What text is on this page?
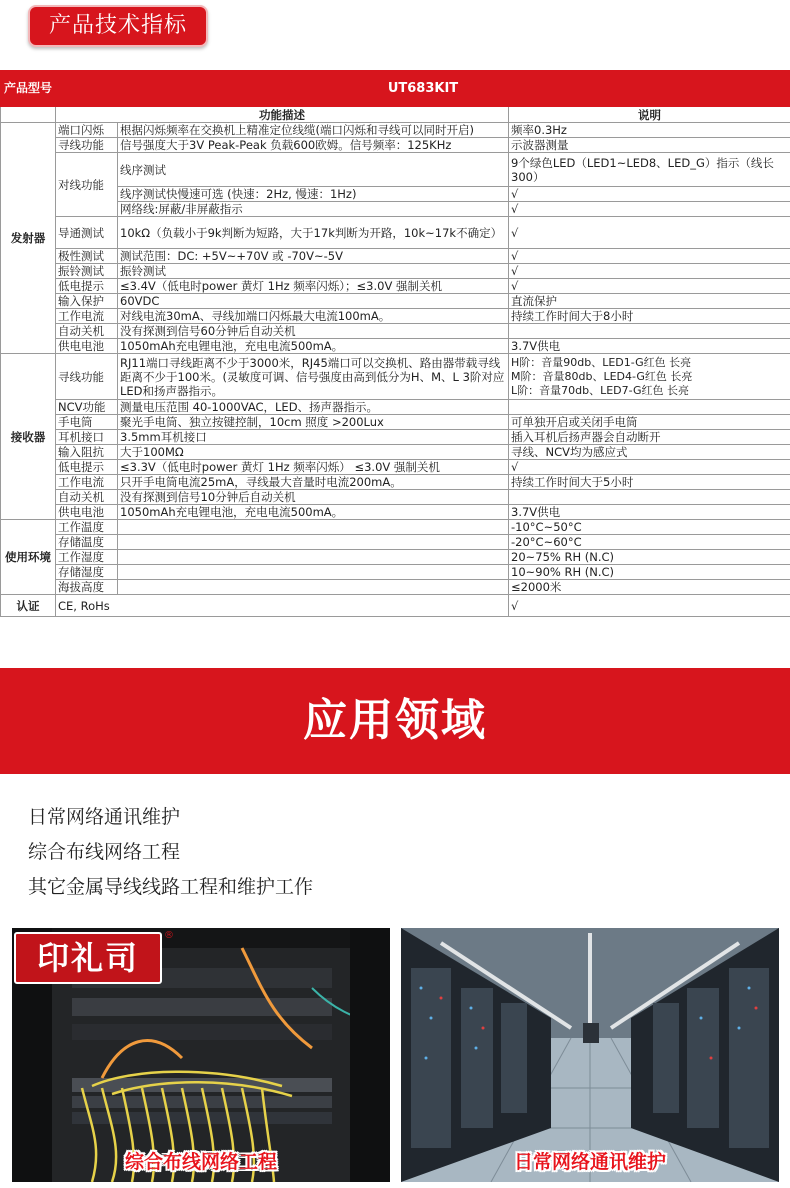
产品技术指标
产品型号	UT683KIT		
	功能描述		说明
发射器	端口闪烁	根据闪烁频率在交换机上精准定位线缆(端口闪烁和寻线可以同时开启)	频率0.3Hz
	寻线功能	信号强度大于3V Peak-Peak 负载600欧姆。信号频率：125KHz	示波器测量
	对线功能	线序测试	9个绿色LED（LED1~LED8、LED_G）指示（线长300）
		线序测试快慢速可选 (快速：2Hz, 慢速：1Hz)	√
		网络线:屏蔽/非屏蔽指示	√
	导通测试	10kΩ（负载小于9k判断为短路，大于17k判断为开路，10k~17k不确定）	√
	极性测试	测试范围：DC: +5V~+70V 或 -70V~-5V	√
	振铃测试	振铃测试	√
	低电提示	≤3.4V（低电时power 黄灯 1Hz 频率闪烁）；≤3.0V 强制关机	√
	输入保护	60VDC	直流保护
	工作电流	对线电流30mA、寻线加端口闪烁最大电流100mA。	持续工作时间大于8小时
	自动关机	没有探测到信号60分钟后自动关机	
	供电电池	1050mAh充电锂电池，充电电流500mA。	3.7V供电
接收器	寻线功能	RJ11端口寻线距离不少于3000米，RJ45端口可以交换机、路由器带载寻线距离不少于100米。(灵敏度可调、信号强度由高到低分为H、M、L 3阶对应LED和扬声器指示。	H阶：音量90db、LED1-G红色 长亮
M阶：音量80db、LED4-G红色 长亮
L阶：音量70db、LED7-G红色 长亮
	NCV功能	测量电压范围 40-1000VAC，LED、扬声器指示。	
	手电筒	聚光手电筒、独立按键控制，10cm 照度 >200Lux	可单独开启或关闭手电筒
	耳机接口	3.5mm耳机接口	插入耳机后扬声器会自动断开
	输入阻抗	大于100MΩ	寻线、NCV均为感应式
	低电提示	≤3.3V（低电时power 黄灯 1Hz 频率闪烁） ≤3.0V 强制关机	√
	工作电流	只开手电筒电流25mA，寻线最大音量时电流200mA。	持续工作时间大于5小时
	自动关机	没有探测到信号10分钟后自动关机	
	供电电池	1050mAh充电锂电池，充电电流500mA。	3.7V供电
使用环境	工作温度		-10°C~50°C
	存储温度		-20°C~60°C
	工作湿度		20~75% RH (N.C)
	存储湿度		10~90% RH (N.C)
	海拔高度		≤2000米
认证	CE, RoHs		√
应用领域
日常网络通讯维护
综合布线网络工程
其它金属导线线路工程和维护工作
印礼司
®
综合布线网络工程	日常网络通讯维护
